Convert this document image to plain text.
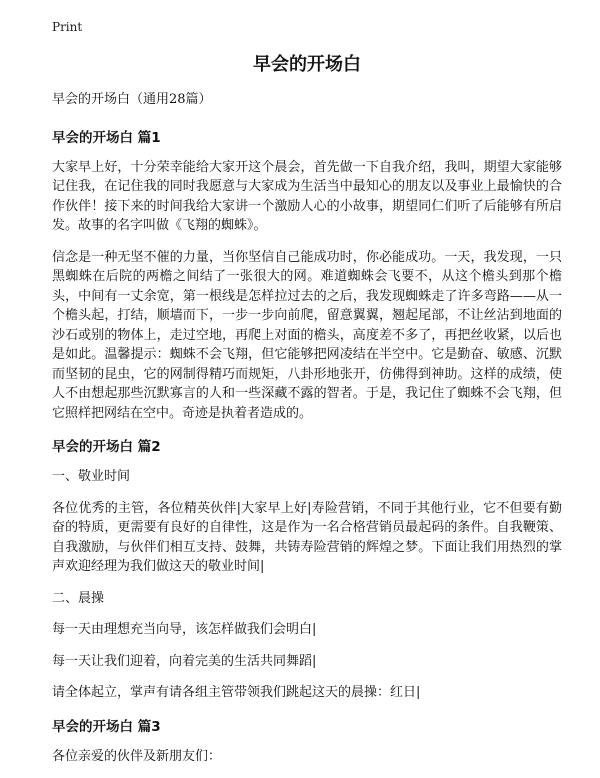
Print
早会的开场白

早会的开场白（通用28篇）

早会的开场白 篇1

大家早上好，十分荣幸能给大家开这个晨会，首先做一下自我介绍，我叫，期望大家能够记住我，在记住我的同时我愿意与大家成为生活当中最知心的朋友以及事业上最愉快的合作伙伴！接下来的时间我给大家讲一个激励人心的小故事，期望同仁们听了后能够有所启发。故事的名字叫做《飞翔的蜘蛛》。

信念是一种无坚不催的力量，当你坚信自己能成功时，你必能成功。一天，我发现，一只黑蜘蛛在后院的两檐之间结了一张很大的网。难道蜘蛛会飞要不，从这个檐头到那个檐头，中间有一丈余宽，第一根线是怎样拉过去的之后，我发现蜘蛛走了许多弯路——从一个檐头起，打结，顺墙而下，一步一步向前爬，留意翼翼，翘起尾部，不让丝沾到地面的沙石或别的物体上，走过空地，再爬上对面的檐头，高度差不多了，再把丝收紧，以后也是如此。温馨提示：蜘蛛不会飞翔，但它能够把网凌结在半空中。它是勤奋、敏感、沉默而坚韧的昆虫，它的网制得精巧而规矩，八卦形地张开，仿佛得到神助。这样的成绩，使人不由想起那些沉默寡言的人和一些深藏不露的智者。于是，我记住了蜘蛛不会飞翔，但它照样把网结在空中。奇迹是执着者造成的。

早会的开场白 篇2

一、敬业时间

各位优秀的主管，各位精英伙伴|大家早上好|寿险营销，不同于其他行业，它不但要有勤奋的特质，更需要有良好的自律性，这是作为一名合格营销员最起码的条件。自我鞭策、自我激励，与伙伴们相互支持、鼓舞，共铸寿险营销的辉煌之梦。下面让我们用热烈的掌声欢迎经理为我们做这天的敬业时间|

二、晨操

每一天由理想充当向导，该怎样做我们会明白|

每一天让我们迎着，向着完美的生活共同舞蹈|

请全体起立，掌声有请各组主管带领我们跳起这天的晨操：红日|

早会的开场白 篇3

各位亲爱的伙伴及新朋友们：
